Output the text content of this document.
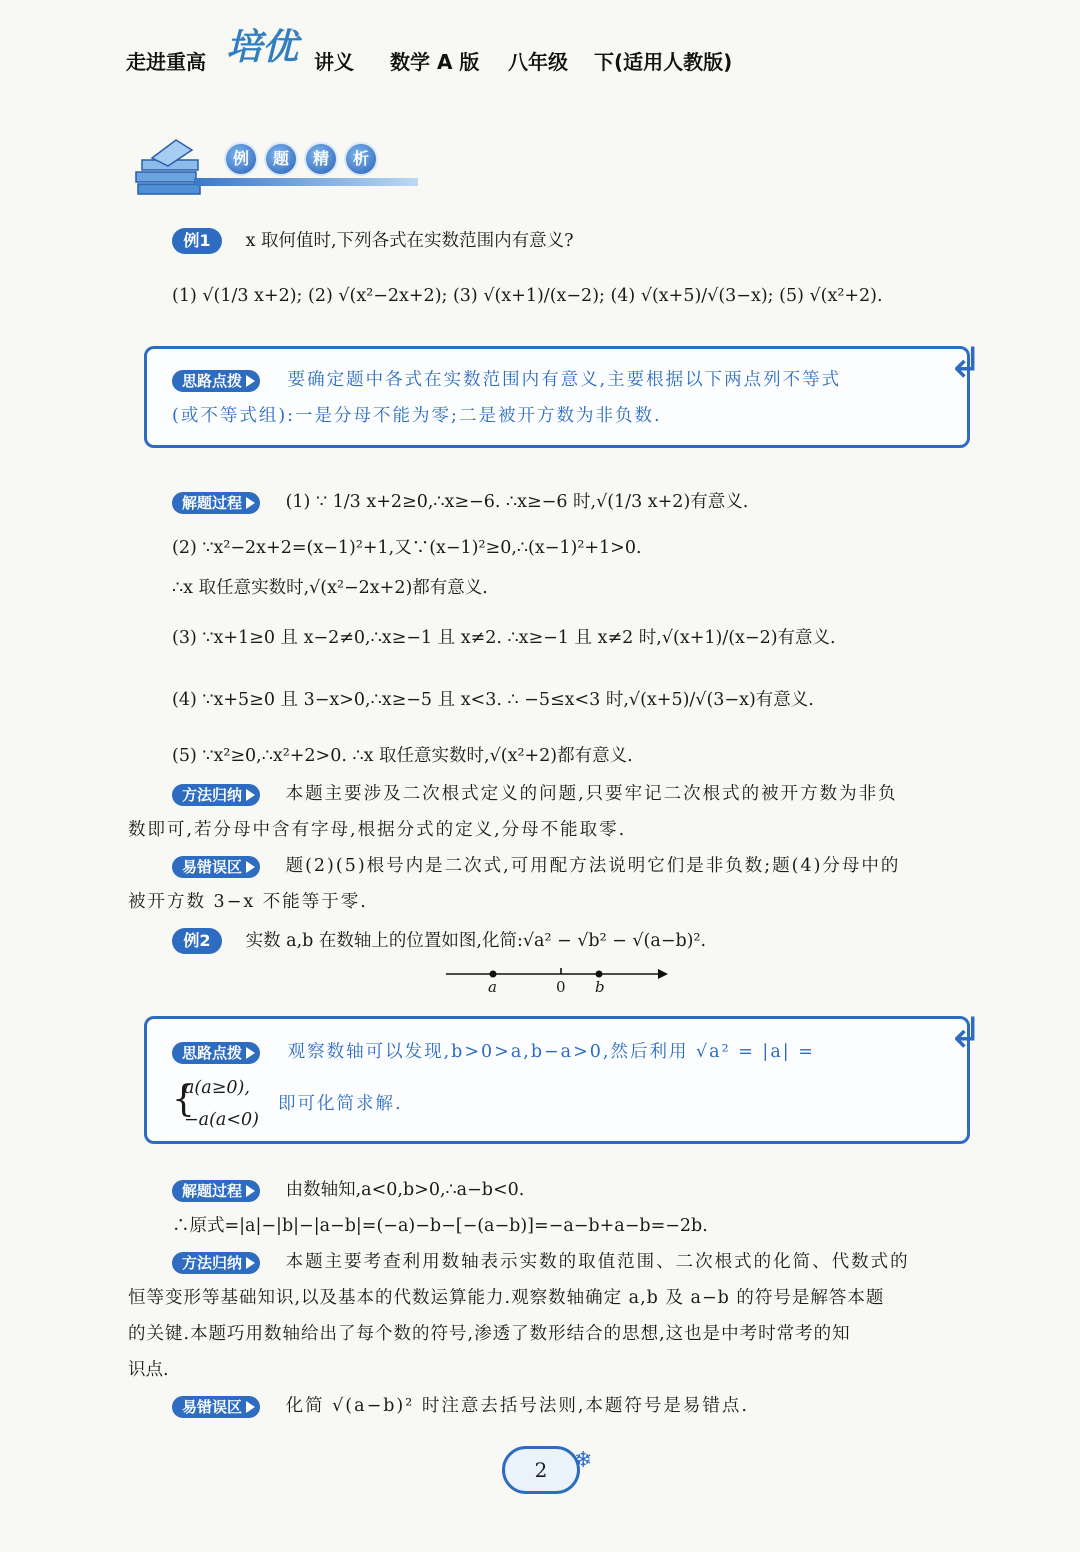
走进重高 培优 讲义 数学 A 版 八年级 下(适用人教版)
例 题 精 析
例1 x 取何值时,下列各式在实数范围内有意义?
(1) √(1/3 x+2); (2) √(x²−2x+2); (3) √(x+1)/(x−2); (4) √(x+5)/√(3−x); (5) √(x²+2).
↲
思路点拨	要确定题中各式在实数范围内有意义,主要根据以下两点列不等式
(或不等式组):一是分母不能为零;二是被开方数为非负数.
解题过程 (1) ∵ 1/3 x+2≥0,∴x≥−6. ∴x≥−6 时,√(1/3 x+2)有意义.
(2) ∵x²−2x+2=(x−1)²+1,又∵(x−1)²≥0,∴(x−1)²+1>0.
∴x 取任意实数时,√(x²−2x+2)都有意义.
(3) ∵x+1≥0 且 x−2≠0,∴x≥−1 且 x≠2. ∴x≥−1 且 x≠2 时,√(x+1)/(x−2)有意义.
(4) ∵x+5≥0 且 3−x>0,∴x≥−5 且 x<3. ∴ −5≤x<3 时,√(x+5)/√(3−x)有意义.
(5) ∵x²≥0,∴x²+2>0. ∴x 取任意实数时,√(x²+2)都有意义.
方法归纳 本题主要涉及二次根式定义的问题,只要牢记二次根式的被开方数为非负
数即可,若分母中含有字母,根据分式的定义,分母不能取零.
易错误区 题(2)(5)根号内是二次式,可用配方法说明它们是非负数;题(4)分母中的
被开方数 3−x 不能等于零.
例2 实数 a,b 在数轴上的位置如图,化简:√a² − √b² − √(a−b)².
a	0 b
↲
思路点拨	观察数轴可以发现,b>0>a,b−a>0,然后利用 √a² = |a| =
{
a(a≥0),
−a(a<0)
即可化简求解.
解题过程 由数轴知,a<0,b>0,∴a−b<0.
∴原式=|a|−|b|−|a−b|=(−a)−b−[−(a−b)]=−a−b+a−b=−2b.
方法归纳 本题主要考查利用数轴表示实数的取值范围、二次根式的化简、代数式的
恒等变形等基础知识,以及基本的代数运算能力.观察数轴确定 a,b 及 a−b 的符号是解答本题
的关键.本题巧用数轴给出了每个数的符号,渗透了数形结合的思想,这也是中考时常考的知
识点.
易错误区 化简 √(a−b)² 时注意去括号法则,本题符号是易错点.
2	❄
